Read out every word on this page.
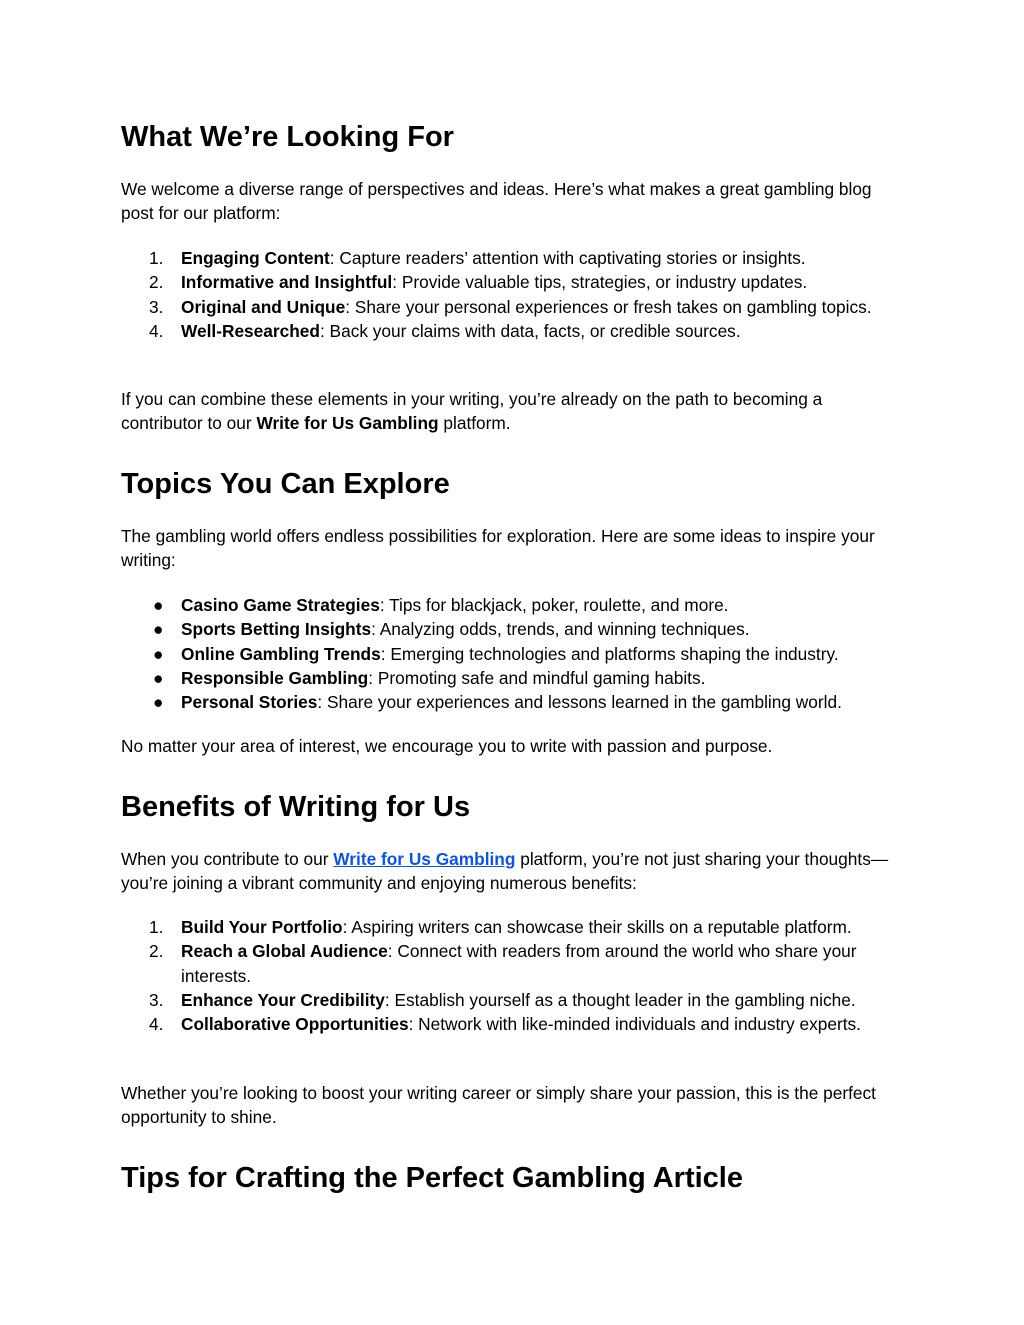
What We’re Looking For

We welcome a diverse range of perspectives and ideas. Here’s what makes a great gambling blog post for our platform:

1.	Engaging Content: Capture readers’ attention with captivating stories or insights.
2.	Informative and Insightful: Provide valuable tips, strategies, or industry updates.
3.	Original and Unique: Share your personal experiences or fresh takes on gambling topics.
4.	Well-Researched: Back your claims with data, facts, or credible sources.

If you can combine these elements in your writing, you’re already on the path to becoming a contributor to our Write for Us Gambling platform.

Topics You Can Explore

The gambling world offers endless possibilities for exploration. Here are some ideas to inspire your writing:

●	Casino Game Strategies: Tips for blackjack, poker, roulette, and more.
●	Sports Betting Insights: Analyzing odds, trends, and winning techniques.
●	Online Gambling Trends: Emerging technologies and platforms shaping the industry.
●	Responsible Gambling: Promoting safe and mindful gaming habits.
●	Personal Stories: Share your experiences and lessons learned in the gambling world.

No matter your area of interest, we encourage you to write with passion and purpose.

Benefits of Writing for Us

When you contribute to our Write for Us Gambling platform, you’re not just sharing your thoughts—you’re joining a vibrant community and enjoying numerous benefits:

1.	Build Your Portfolio: Aspiring writers can showcase their skills on a reputable platform.
2.	Reach a Global Audience: Connect with readers from around the world who share your interests.
3.	Enhance Your Credibility: Establish yourself as a thought leader in the gambling niche.
4.	Collaborative Opportunities: Network with like-minded individuals and industry experts.

Whether you’re looking to boost your writing career or simply share your passion, this is the perfect opportunity to shine.

Tips for Crafting the Perfect Gambling Article
